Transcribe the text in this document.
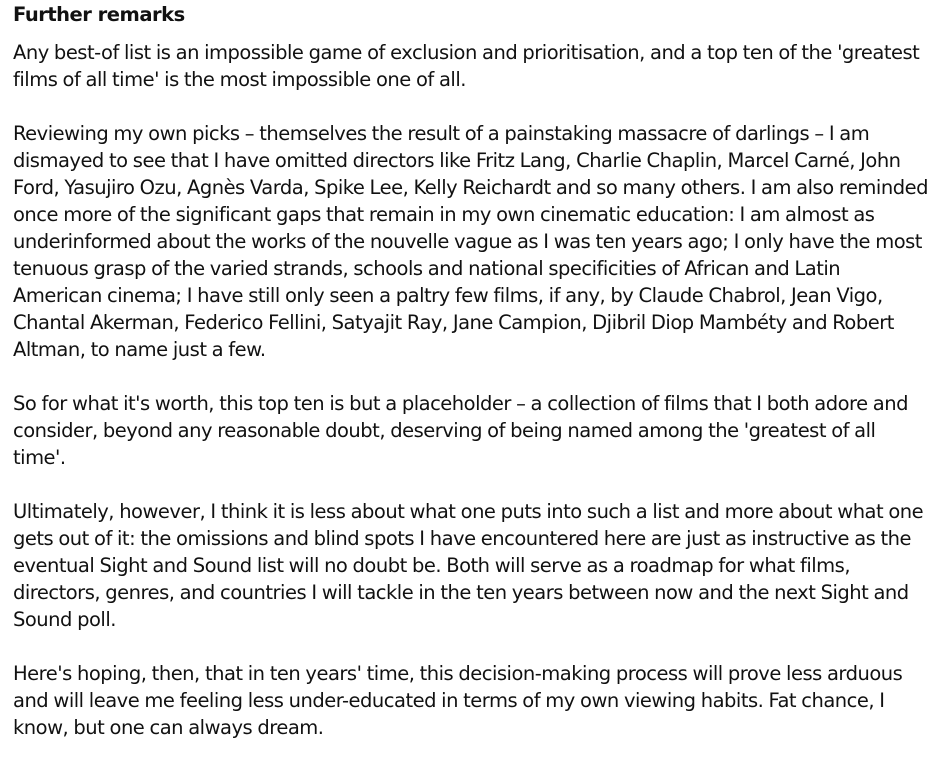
Further remarks

Any best-of list is an impossible game of exclusion and prioritisation, and a top ten of the 'greatest films of all time' is the most impossible one of all.

Reviewing my own picks – themselves the result of a painstaking massacre of darlings – I am dismayed to see that I have omitted directors like Fritz Lang, Charlie Chaplin, Marcel Carné, John Ford, Yasujiro Ozu, Agnès Varda, Spike Lee, Kelly Reichardt and so many others. I am also reminded once more of the significant gaps that remain in my own cinematic education: I am almost as underinformed about the works of the nouvelle vague as I was ten years ago; I only have the most tenuous grasp of the varied strands, schools and national specificities of African and Latin American cinema; I have still only seen a paltry few films, if any, by Claude Chabrol, Jean Vigo, Chantal Akerman, Federico Fellini, Satyajit Ray, Jane Campion, Djibril Diop Mambéty and Robert Altman, to name just a few.

So for what it's worth, this top ten is but a placeholder – a collection of films that I both adore and consider, beyond any reasonable doubt, deserving of being named among the 'greatest of all time'.

Ultimately, however, I think it is less about what one puts into such a list and more about what one gets out of it: the omissions and blind spots I have encountered here are just as instructive as the eventual Sight and Sound list will no doubt be. Both will serve as a roadmap for what films, directors, genres, and countries I will tackle in the ten years between now and the next Sight and Sound poll.

Here's hoping, then, that in ten years' time, this decision-making process will prove less arduous and will leave me feeling less under-educated in terms of my own viewing habits. Fat chance, I know, but one can always dream.
